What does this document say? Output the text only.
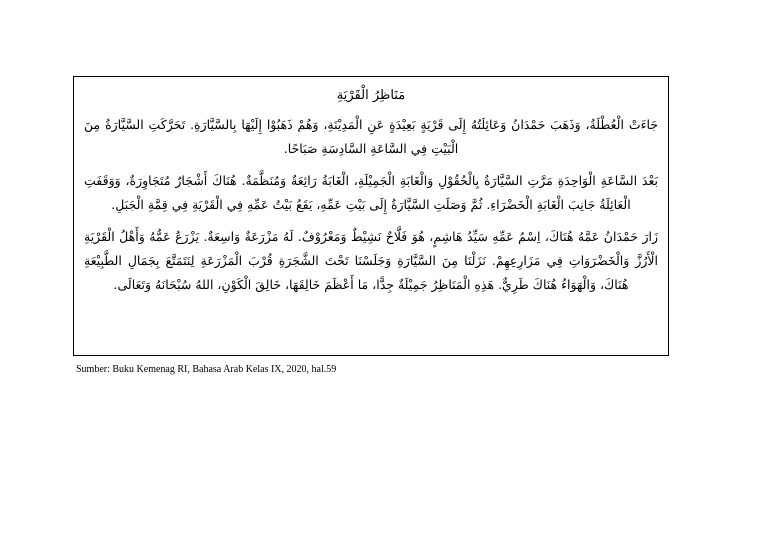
مَنَاظِرُ الْقَرْيَةِ

جَاءَتْ الْعُطْلَةُ، وَذَهَبَ حَمْدَانُ وَعَائِلَتُهُ إِلَى قَرْيَةٍ بَعِيْدَةٍ عَنِ الْمَدِيْنَةِ، وَهُمْ ذَهَبُوْا إِلَيْهَا بِالسَّيَّارَةِ. تَحَرَّكَتِ السَّيَّارَةُ مِنَ الْبَيْتِ فِي السَّاعَةِ السَّادِسَةِ صَبَاحًا.

بَعْدَ السَّاعَةِ الْوَاحِدَةِ مَرَّتِ السَّيَّارَةُ بِالْحُقُوْلِ وَالْغَابَةِ الْجَمِيْلَةِ، الْغَابَةُ رَائِعَةٌ وَمُنَظَّمَةٌ. هُنَاكَ أَشْجَارٌ مُتَجَاوِرَةٌ، وَوَقَفَتِ الْعَائِلَةُ جَانِبَ الْغَابَةِ الْخَضْرَاءِ. ثُمَّ وَصَلَتِ السَّيَّارَةُ إِلَى بَيْتِ عَمِّهِ، يَقَعُ بَيْتُ عَمِّهِ فِي الْقَرْيَةِ فِي قِمَّةِ الْجَبَلِ.

زَارَ حَمْدَانُ عَمَّهُ هُنَاكَ، اِسْمُ عَمِّهِ سَيِّدُ هَاشِمٍ، هُوَ فَلَّاحٌ نَشِيْطٌ وَمَعْرُوْفٌ. لَهُ مَزْرَعَةٌ وَاسِعَةٌ. يَزْرَعُ عَمُّهُ وَأَهْلُ الْقَرْيَةِ الْأَرُزَّ وَالْخَضْرَوَاتِ فِي مَزَارِعِهِمْ. نَزَلْنَا مِنَ السَّيَّارَةِ وَجَلَسْنَا تَحْتَ الشَّجَرَةِ قُرْبَ الْمَزْرَعَةِ لِنَتَمَتَّعَ بِجَمَالِ الطَّبِيْعَةِ هُنَاكَ، وَالْهَوَاءُ هُنَاكَ طَرِيٌّ. هَذِهِ الْمَنَاظِرُ جَمِيْلَةٌ جِدًّا، مَا أَعْظَمَ خَالِقَهَا، خَالِقَ الْكَوْنِ، اللهُ سُبْحَانَهُ وَتَعَالَى.

Sumber: Buku Kemenag RI, Bahasa Arab Kelas IX, 2020, hal.59
